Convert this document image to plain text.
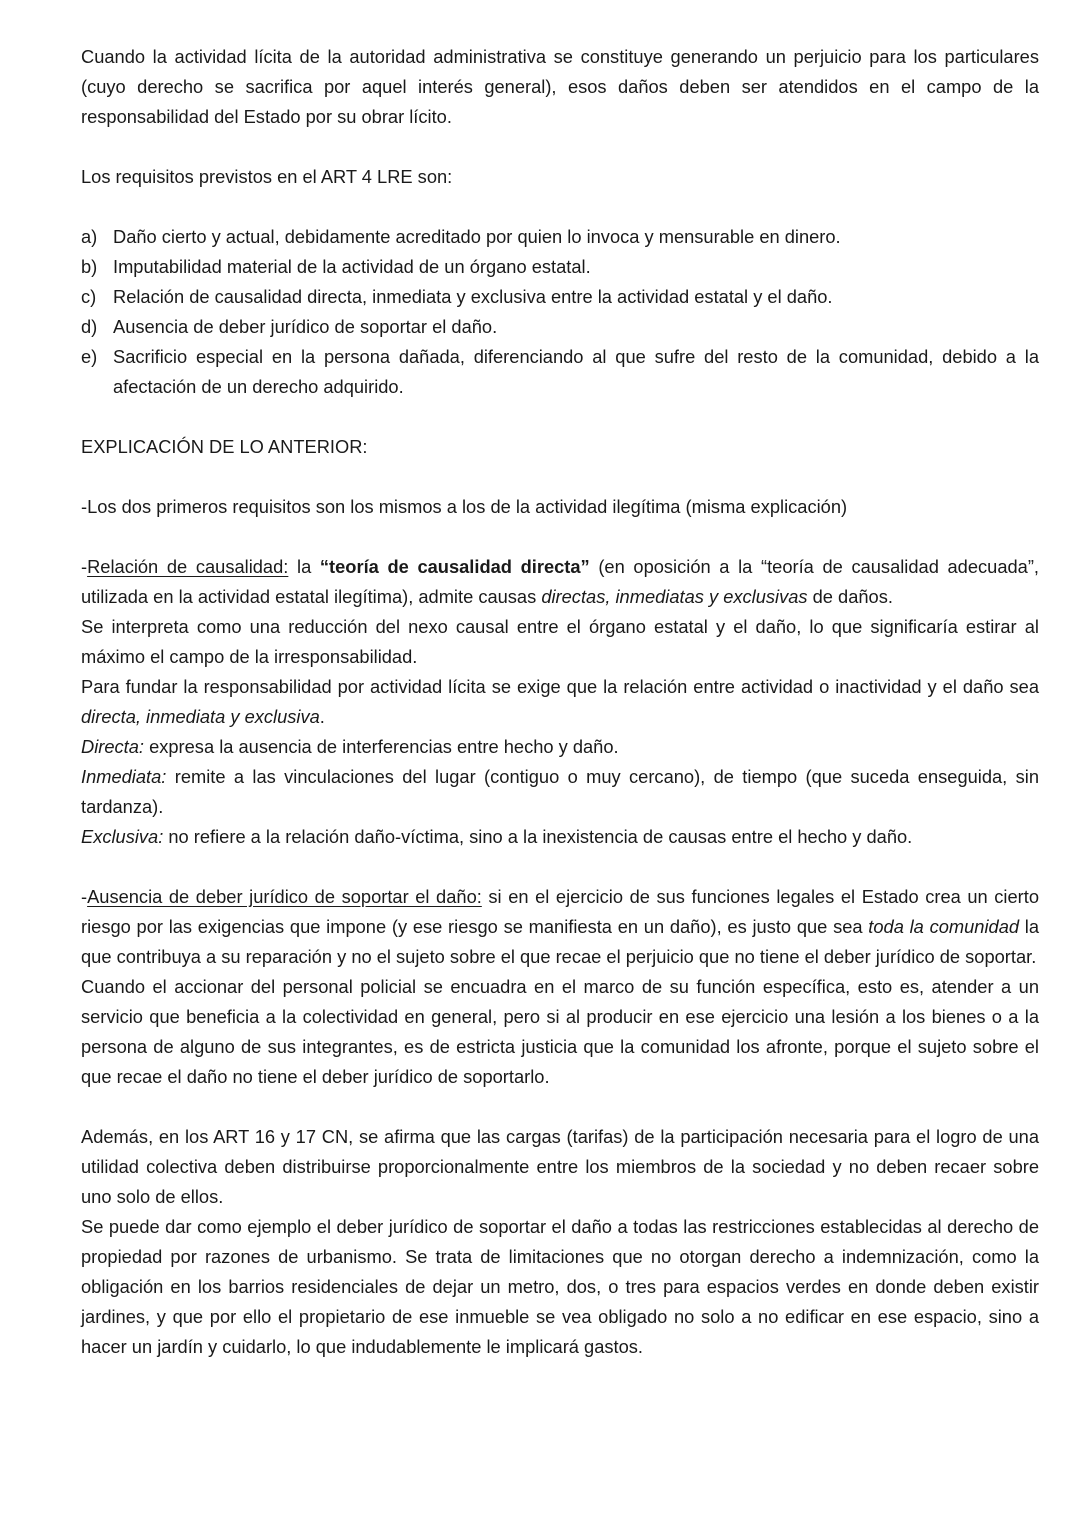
Cuando la actividad lícita de la autoridad administrativa se constituye generando un perjuicio para los particulares (cuyo derecho se sacrifica por aquel interés general), esos daños deben ser atendidos en el campo de la responsabilidad del Estado por su obrar lícito.

Los requisitos previstos en el ART 4 LRE son:

a) Daño cierto y actual, debidamente acreditado por quien lo invoca y mensurable en dinero.
b) Imputabilidad material de la actividad de un órgano estatal.
c) Relación de causalidad directa, inmediata y exclusiva entre la actividad estatal y el daño.
d) Ausencia de deber jurídico de soportar el daño.
e) Sacrificio especial en la persona dañada, diferenciando al que sufre del resto de la comunidad, debido a la afectación de un derecho adquirido.

EXPLICACIÓN DE LO ANTERIOR:

-Los dos primeros requisitos son los mismos a los de la actividad ilegítima (misma explicación)

-Relación de causalidad: la “teoría de causalidad directa” (en oposición a la “teoría de causalidad adecuada”, utilizada en la actividad estatal ilegítima), admite causas directas, inmediatas y exclusivas de daños.

Se interpreta como una reducción del nexo causal entre el órgano estatal y el daño, lo que significaría estirar al máximo el campo de la irresponsabilidad.

Para fundar la responsabilidad por actividad lícita se exige que la relación entre actividad o inactividad y el daño sea directa, inmediata y exclusiva.

Directa: expresa la ausencia de interferencias entre hecho y daño.

Inmediata: remite a las vinculaciones del lugar (contiguo o muy cercano), de tiempo (que suceda enseguida, sin tardanza).

Exclusiva: no refiere a la relación daño-víctima, sino a la inexistencia de causas entre el hecho y daño.

-Ausencia de deber jurídico de soportar el daño: si en el ejercicio de sus funciones legales el Estado crea un cierto riesgo por las exigencias que impone (y ese riesgo se manifiesta en un daño), es justo que sea toda la comunidad la que contribuya a su reparación y no el sujeto sobre el que recae el perjuicio que no tiene el deber jurídico de soportar.

Cuando el accionar del personal policial se encuadra en el marco de su función específica, esto es, atender a un servicio que beneficia a la colectividad en general, pero si al producir en ese ejercicio una lesión a los bienes o a la persona de alguno de sus integrantes, es de estricta justicia que la comunidad los afronte, porque el sujeto sobre el que recae el daño no tiene el deber jurídico de soportarlo.

Además, en los ART 16 y 17 CN, se afirma que las cargas (tarifas) de la participación necesaria para el logro de una utilidad colectiva deben distribuirse proporcionalmente entre los miembros de la sociedad y no deben recaer sobre uno solo de ellos.

Se puede dar como ejemplo el deber jurídico de soportar el daño a todas las restricciones establecidas al derecho de propiedad por razones de urbanismo. Se trata de limitaciones que no otorgan derecho a indemnización, como la obligación en los barrios residenciales de dejar un metro, dos, o tres para espacios verdes en donde deben existir jardines, y que por ello el propietario de ese inmueble se vea obligado no solo a no edificar en ese espacio, sino a hacer un jardín y cuidarlo, lo que indudablemente le implicará gastos.
